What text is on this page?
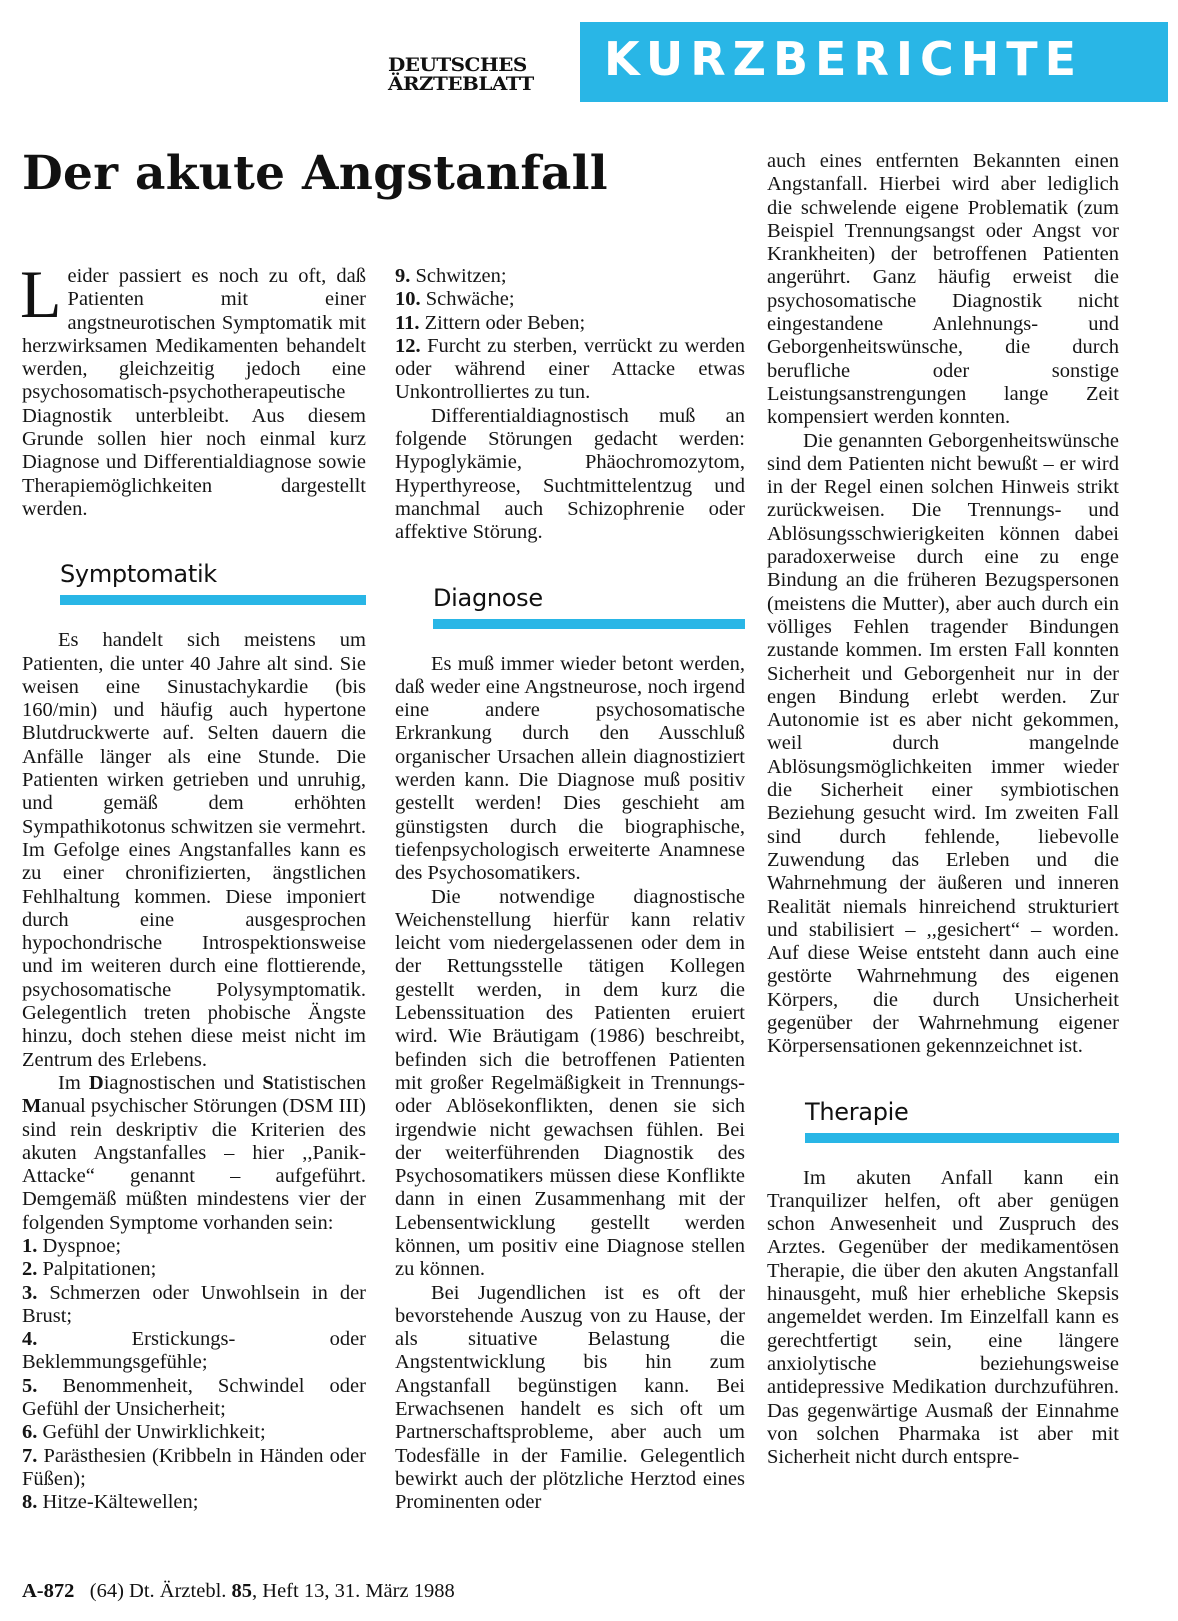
DEUTSCHES
ÄRZTEBLATT	KURZBERICHTE
Der akute Angstanfall

Leider passiert es noch zu oft, daß Patienten mit einer angstneurotischen Symptomatik mit herzwirksamen Medikamenten behandelt werden, gleichzeitig jedoch eine psychosomatisch-psychotherapeutische Diagnostik unterbleibt. Aus diesem Grunde sollen hier noch einmal kurz Diagnose und Differentialdiagnose sowie Therapiemöglichkeiten dargestellt werden.

Symptomatik

Es handelt sich meistens um Patienten, die unter 40 Jahre alt sind. Sie weisen eine Sinustachykardie (bis 160/min) und häufig auch hypertone Blutdruckwerte auf. Selten dauern die Anfälle länger als eine Stunde. Die Patienten wirken getrieben und unruhig, und gemäß dem erhöhten Sympathikotonus schwitzen sie vermehrt. Im Gefolge eines Angstanfalles kann es zu einer chronifizierten, ängstlichen Fehlhaltung kommen. Diese imponiert durch eine ausgesprochen hypochondrische Introspektionsweise und im weiteren durch eine flottierende, psychosomatische Polysymptomatik. Gelegentlich treten phobische Ängste hinzu, doch stehen diese meist nicht im Zentrum des Erlebens.

Im Diagnostischen und Statistischen Manual psychischer Störungen (DSM III) sind rein deskriptiv die Kriterien des akuten Angstanfalles – hier ,,Panik-Attacke“ genannt – aufgeführt. Demgemäß müßten mindestens vier der folgenden Symptome vorhanden sein:

1. Dyspnoe;

2. Palpitationen;

3. Schmerzen oder Unwohlsein in der Brust;

4. Erstickungs- oder Beklemmungsgefühle;

5. Benommenheit, Schwindel oder Gefühl der Unsicherheit;

6. Gefühl der Unwirklichkeit;

7. Parästhesien (Kribbeln in Händen oder Füßen);

8. Hitze-Kältewellen;

9. Schwitzen;

10. Schwäche;

11. Zittern oder Beben;

12. Furcht zu sterben, verrückt zu werden oder während einer Attacke etwas Unkontrolliertes zu tun.

Differentialdiagnostisch muß an folgende Störungen gedacht werden: Hypoglykämie, Phäochromozytom, Hyperthyreose, Suchtmittelentzug und manchmal auch Schizophrenie oder affektive Störung.

Diagnose

Es muß immer wieder betont werden, daß weder eine Angstneurose, noch irgend eine andere psychosomatische Erkrankung durch den Ausschluß organischer Ursachen allein diagnostiziert werden kann. Die Diagnose muß positiv gestellt werden! Dies geschieht am günstigsten durch die biographische, tiefenpsychologisch erweiterte Anamnese des Psychosomatikers.

Die notwendige diagnostische Weichenstellung hierfür kann relativ leicht vom niedergelassenen oder dem in der Rettungsstelle tätigen Kollegen gestellt werden, in dem kurz die Lebenssituation des Patienten eruiert wird. Wie Bräutigam (1986) beschreibt, befinden sich die betroffenen Patienten mit großer Regelmäßigkeit in Trennungs- oder Ablösekonflikten, denen sie sich irgendwie nicht gewachsen fühlen. Bei der weiterführenden Diagnostik des Psychosomatikers müssen diese Konflikte dann in einen Zusammenhang mit der Lebensentwicklung gestellt werden können, um positiv eine Diagnose stellen zu können.

Bei Jugendlichen ist es oft der bevorstehende Auszug von zu Hause, der als situative Belastung die Angstentwicklung bis hin zum Angstanfall begünstigen kann. Bei Erwachsenen handelt es sich oft um Partnerschaftsprobleme, aber auch um Todesfälle in der Familie. Gelegentlich bewirkt auch der plötzliche Herztod eines Prominenten oder

auch eines entfernten Bekannten einen Angstanfall. Hierbei wird aber lediglich die schwelende eigene Problematik (zum Beispiel Trennungsangst oder Angst vor Krankheiten) der betroffenen Patienten angerührt. Ganz häufig erweist die psychosomatische Diagnostik nicht eingestandene Anlehnungs- und Geborgenheitswünsche, die durch berufliche oder sonstige Leistungsanstrengungen lange Zeit kompensiert werden konnten.

Die genannten Geborgenheitswünsche sind dem Patienten nicht bewußt – er wird in der Regel einen solchen Hinweis strikt zurückweisen. Die Trennungs- und Ablösungsschwierigkeiten können dabei paradoxerweise durch eine zu enge Bindung an die früheren Bezugspersonen (meistens die Mutter), aber auch durch ein völliges Fehlen tragender Bindungen zustande kommen. Im ersten Fall konnten Sicherheit und Geborgenheit nur in der engen Bindung erlebt werden. Zur Autonomie ist es aber nicht gekommen, weil durch mangelnde Ablösungsmöglichkeiten immer wieder die Sicherheit einer symbiotischen Beziehung gesucht wird. Im zweiten Fall sind durch fehlende, liebevolle Zuwendung das Erleben und die Wahrnehmung der äußeren und inneren Realität niemals hinreichend strukturiert und stabilisiert – ,,gesichert“ – worden. Auf diese Weise entsteht dann auch eine gestörte Wahrnehmung des eigenen Körpers, die durch Unsicherheit gegenüber der Wahrnehmung eigener Körpersensationen gekennzeichnet ist.

Therapie

Im akuten Anfall kann ein Tranquilizer helfen, oft aber genügen schon Anwesenheit und Zuspruch des Arztes. Gegenüber der medikamentösen Therapie, die über den akuten Angstanfall hinausgeht, muß hier erhebliche Skepsis angemeldet werden. Im Einzelfall kann es gerechtfertigt sein, eine längere anxiolytische beziehungsweise antidepressive Medikation durchzuführen. Das gegenwärtige Ausmaß der Einnahme von solchen Pharmaka ist aber mit Sicherheit nicht durch entspre-

A-872 (64) Dt. Ärztebl. 85, Heft 13, 31. März 1988
